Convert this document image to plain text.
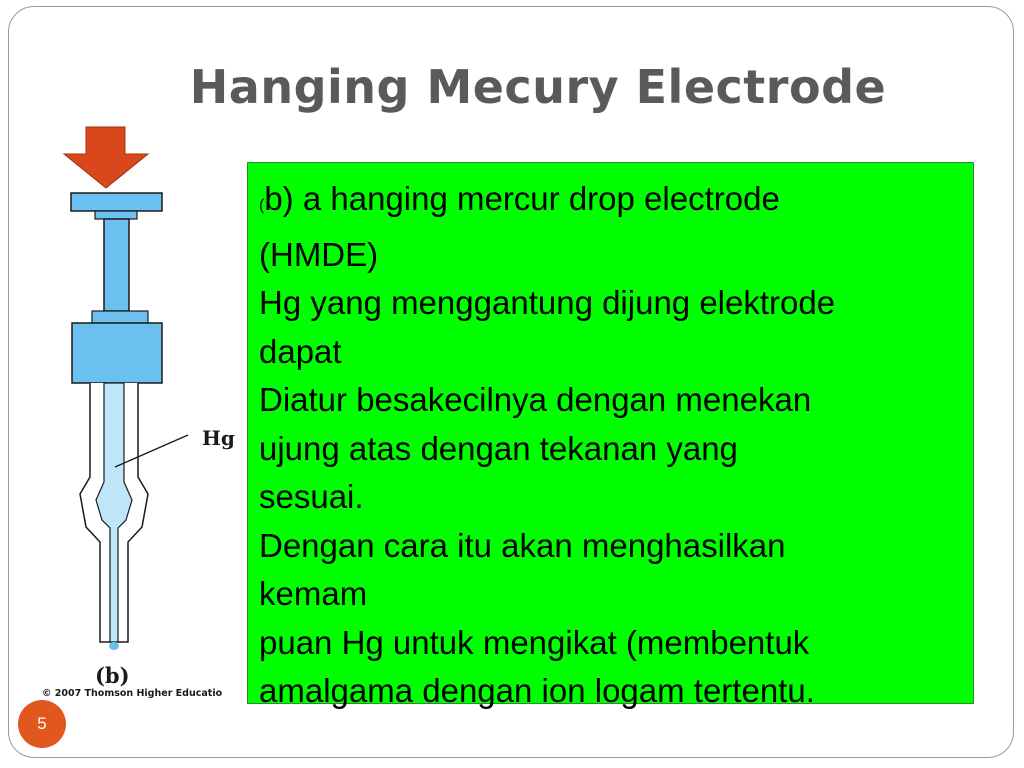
Hanging Mecury Electrode
Hg
(b)
© 2007 Thomson Higher Educatio
(b) a hanging mercur drop electrode
(HMDE)
Hg yang menggantung dijung elektrode
dapat
Diatur besakecilnya dengan menekan
ujung atas dengan tekanan yang
sesuai.
Dengan cara itu akan menghasilkan
kemam
puan Hg untuk mengikat (membentuk
amalgama dengan ion logam tertentu.
5
